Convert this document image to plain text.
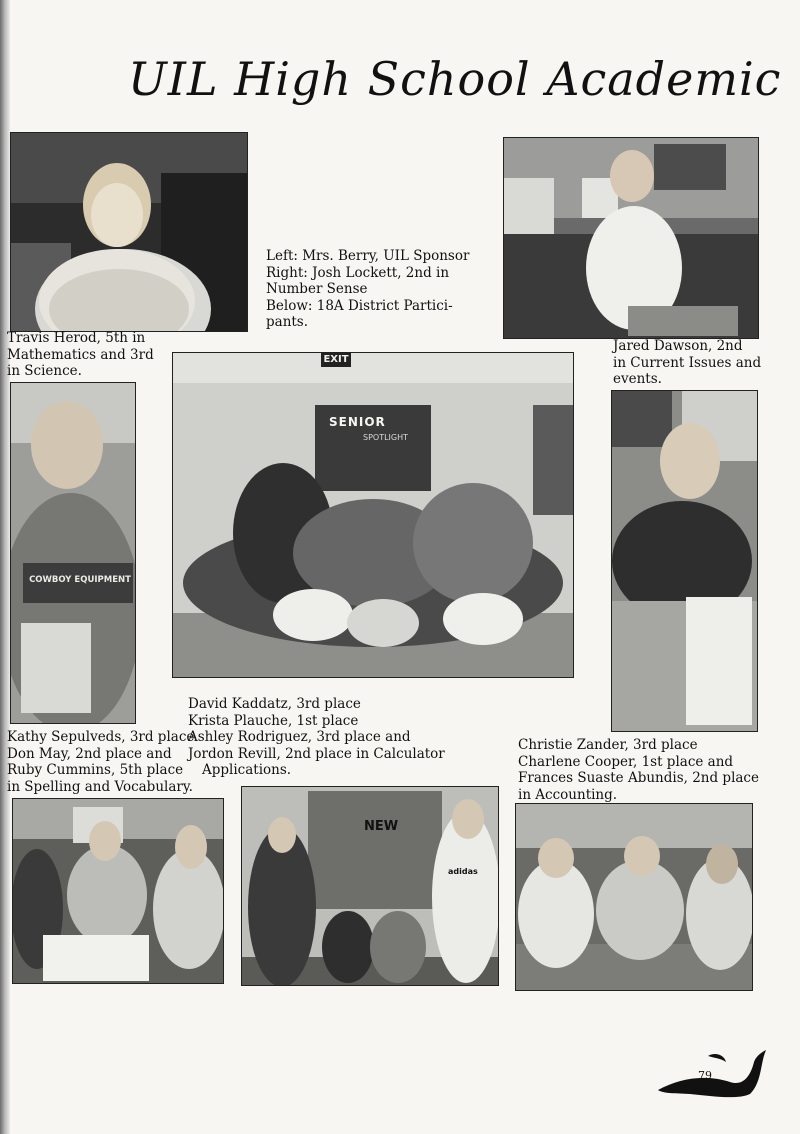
UIL High School Academic
EXIT
SENIOR
SPOTLIGHT
COWBOY EQUIPMENT
NEW
adidas
Left: Mrs. Berry, UIL Sponsor
Right: Josh Lockett, 2nd in
Number Sense
Below: 18A District Partici-
pants.
Travis Herod, 5th in
Mathematics and 3rd
in Science.
Jared Dawson, 2nd
in Current Issues and
events.
Kathy Sepulveds, 3rd place
Don May, 2nd place and
Ruby Cummins, 5th place
in Spelling and Vocabulary.
David Kaddatz, 3rd place
Krista Plauche, 1st place
Ashley Rodriguez, 3rd place and
Jordon Revill, 2nd place in Calculator
Applications.
Christie Zander, 3rd place
Charlene Cooper, 1st place and
Frances Suaste Abundis, 2nd place
in Accounting.
79
